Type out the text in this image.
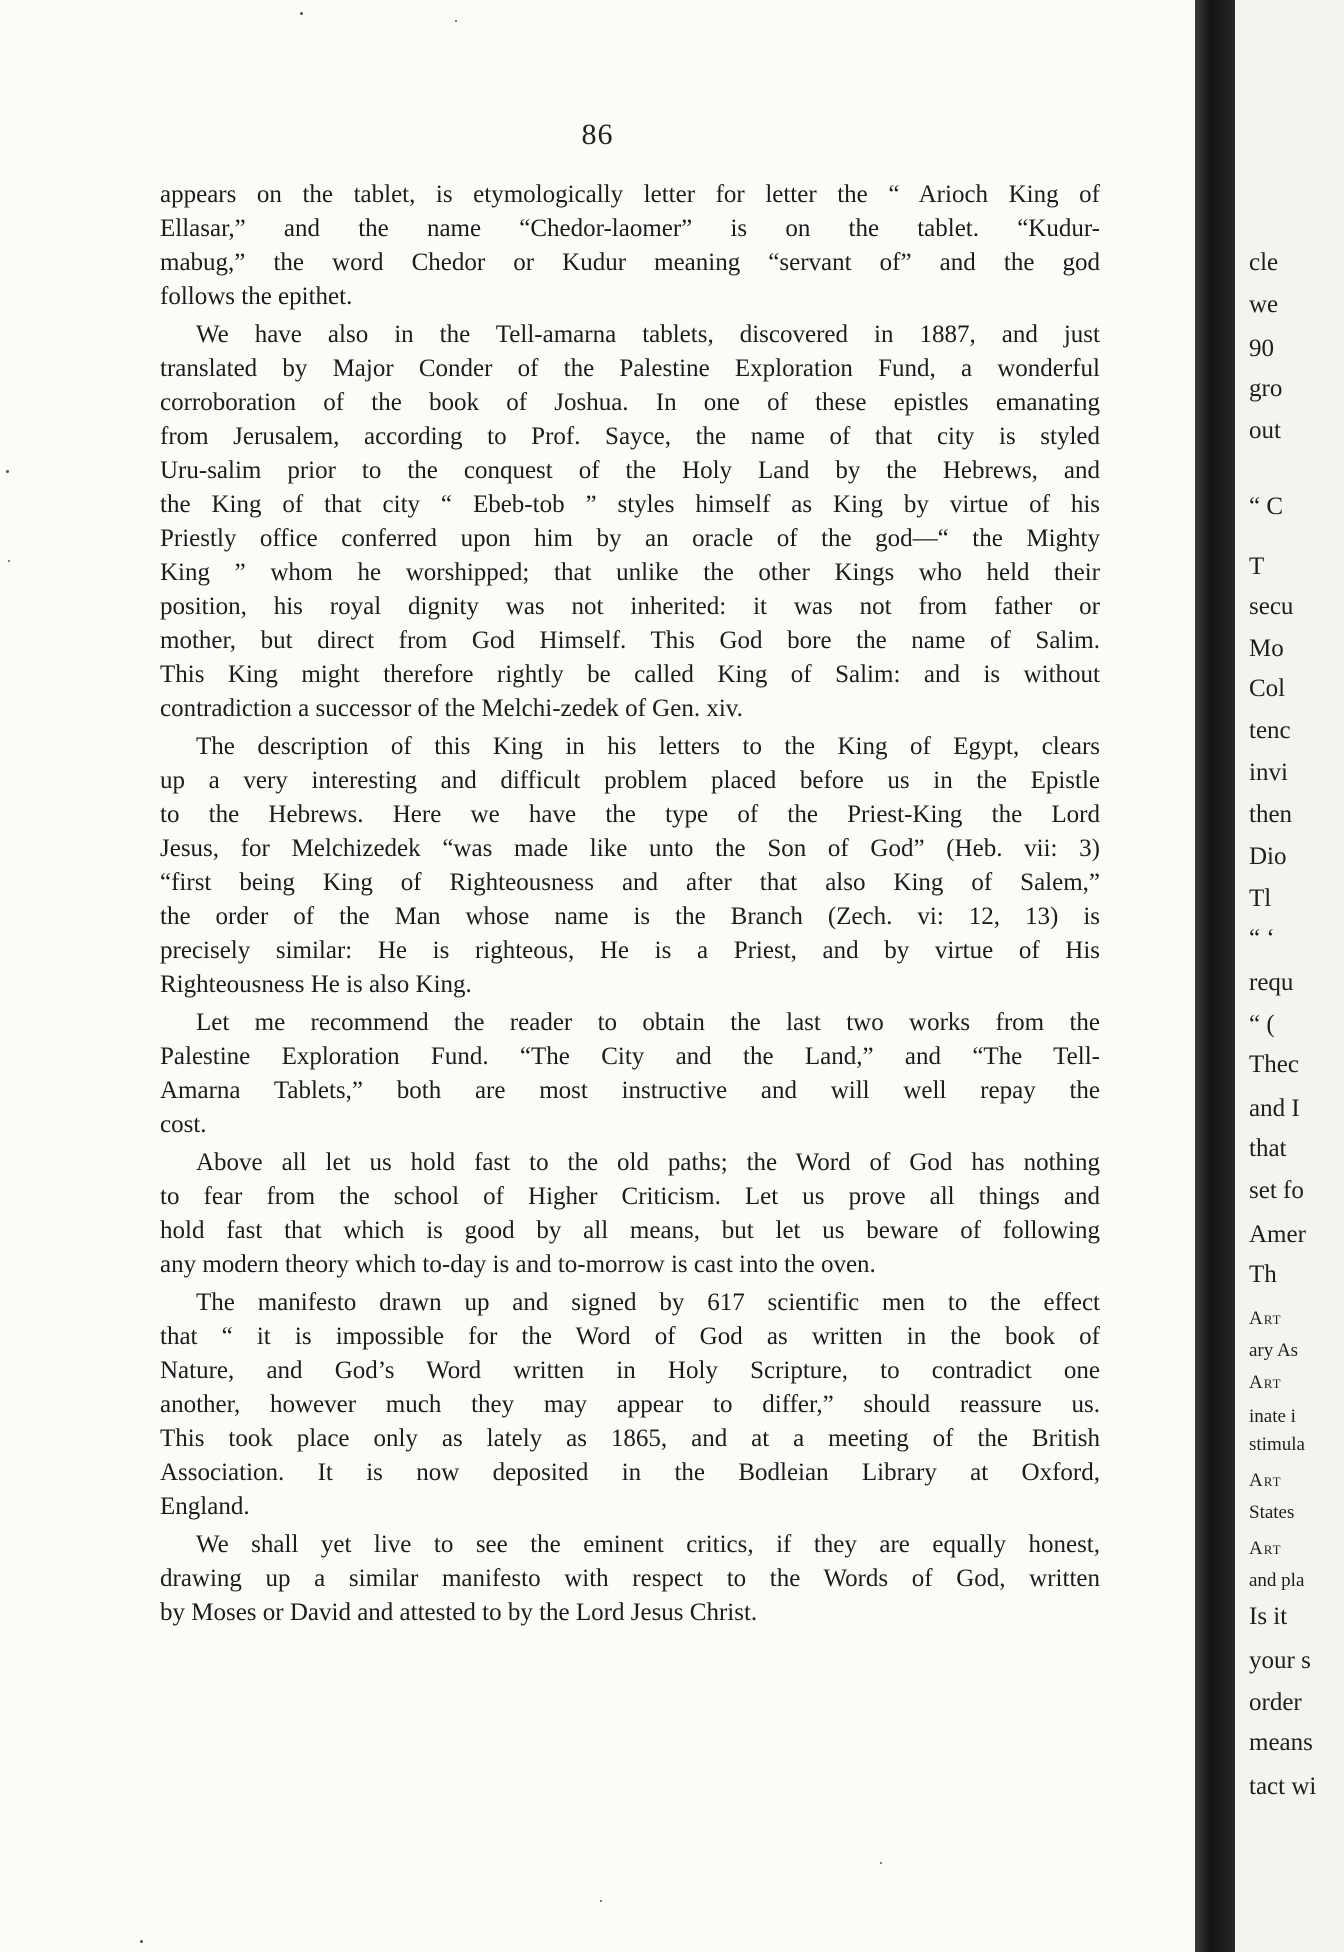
86
appears on the tablet, is etymologically letter for letter the “ Arioch King of
Ellasar,” and the name “Chedor-laomer” is on the tablet. “Kudur-
mabug,” the word Chedor or Kudur meaning “servant of” and the god
follows the epithet.
We have also in the Tell-amarna tablets, discovered in 1887, and just
translated by Major Conder of the Palestine Exploration Fund, a wonderful
corroboration of the book of Joshua. In one of these epistles emanating
from Jerusalem, according to Prof. Sayce, the name of that city is styled
Uru-salim prior to the conquest of the Holy Land by the Hebrews, and
the King of that city “ Ebeb-tob ” styles himself as King by virtue of his
Priestly office conferred upon him by an oracle of the god—“ the Mighty
King ” whom he worshipped; that unlike the other Kings who held their
position, his royal dignity was not inherited: it was not from father or
mother, but direct from God Himself. This God bore the name of Salim.
This King might therefore rightly be called King of Salim: and is without
contradiction a successor of the Melchi-zedek of Gen. xiv.
The description of this King in his letters to the King of Egypt, clears
up a very interesting and difficult problem placed before us in the Epistle
to the Hebrews. Here we have the type of the Priest-King the Lord
Jesus, for Melchizedek “was made like unto the Son of God” (Heb. vii: 3)
“first being King of Righteousness and after that also King of Salem,”
the order of the Man whose name is the Branch (Zech. vi: 12, 13) is
precisely similar: He is righteous, He is a Priest, and by virtue of His
Righteousness He is also King.
Let me recommend the reader to obtain the last two works from the
Palestine Exploration Fund. “The City and the Land,” and “The Tell-
Amarna Tablets,” both are most instructive and will well repay the
cost.
Above all let us hold fast to the old paths; the Word of God has nothing
to fear from the school of Higher Criticism. Let us prove all things and
hold fast that which is good by all means, but let us beware of following
any modern theory which to-day is and to-morrow is cast into the oven.
The manifesto drawn up and signed by 617 scientific men to the effect
that “ it is impossible for the Word of God as written in the book of
Nature, and God’s Word written in Holy Scripture, to contradict one
another, however much they may appear to differ,” should reassure us.
This took place only as lately as 1865, and at a meeting of the British
Association. It is now deposited in the Bodleian Library at Oxford,
England.
We shall yet live to see the eminent critics, if they are equally honest,
drawing up a similar manifesto with respect to the Words of God, written
by Moses or David and attested to by the Lord Jesus Christ.
cle
we
90
gro
out
“ C
T
secu
Mo
Col
tenc
invi
then
Dio
Tl
“ ‘
requ
“ (
Thec
and I
that
set fo
Amer
Th
Art
ary As
Art
inate i
stimula
Art
States
Art
and pla
Is it
your s
order
means
tact wi
